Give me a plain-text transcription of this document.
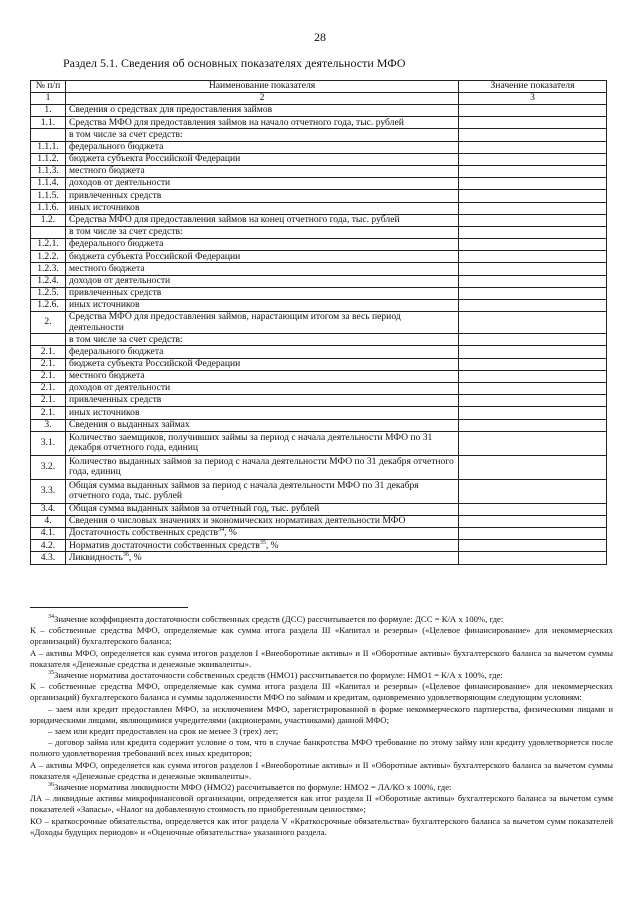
28
Раздел 5.1. Сведения об основных показателях деятельности МФО
№ п/п	Наименование показателя	Значение показателя
1	2	3
1.	Сведения о средствах для предоставления займов	
1.1.	Средства МФО для предоставления займов на начало отчетного года, тыс. рублей	
	в том числе за счет средств:	
1.1.1.	федерального бюджета	
1.1.2.	бюджета субъекта Российской Федерации	
1.1.3.	местного бюджета	
1.1.4.	доходов от деятельности	
1.1.5.	привлеченных средств	
1.1.6.	иных источников	
1.2.	Средства МФО для предоставления займов на конец отчетного года, тыс. рублей	
	в том числе за счет средств:	
1.2.1.	федерального бюджета	
1.2.2.	бюджета субъекта Российской Федерации	
1.2.3.	местного бюджета	
1.2.4.	доходов от деятельности	
1.2.5.	привлеченных средств	
1.2.6.	иных источников	
2.	Средства МФО для предоставления займов, нарастающим итогом за весь период деятельности	
	в том числе за счет средств:	
2.1.	федерального бюджета	
2.1.	бюджета субъекта Российской Федерации	
2.1.	местного бюджета	
2.1.	доходов от деятельности	
2.1.	привлеченных средств	
2.1.	иных источников	
3.	Сведения о выданных займах	
3.1.	Количество заемщиков, получивших займы за период с начала деятельности МФО по 31 декабря отчетного года, единиц	
3.2.	Количество выданных займов за период с начала деятельности МФО по 31 декабря отчетного года, единиц	
3.3.	Общая сумма выданных займов за период с начала деятельности МФО по 31 декабря отчетного года, тыс. рублей	
3.4.	Общая сумма выданных займов за отчетный год, тыс. рублей	
4.	Сведения о числовых значениях и экономических нормативах деятельности МФО	
4.1.	Достаточность собственных средств$^{34}$, %	
4.2.	Норматив достаточности собственных средств$^{35}$, %	
4.3.	Ликвидность$^{36}$, %	

$^{34}$Значение коэффициента достаточности собственных средств (ДСС) рассчитывается по формуле: ДСС = К/А х 100%, где:

К – собственные средства МФО, определяемые как сумма итога раздела III «Капитал и резервы» («Целевое финансирование» для некоммерческих организаций) бухгалтерского баланса;

А – активы МФО, определяется как сумма итогов разделов I «Внеоборотные активы» и II «Оборотные активы» бухгалтерского баланса за вычетом суммы показателя «Денежные средства и денежные эквиваленты».

$^{35}$Значение норматива достаточности собственных средств (НМО1) рассчитывается по формуле: НМО1 = К/А х 100%, где:

К – собственные средства МФО, определяемые как сумма итога раздела III «Капитал и резервы» («Целевое финансирование» для некоммерческих организаций) бухгалтерского баланса и суммы задолженности МФО по займам и кредитам, одновременно удовлетворяющим следующим условиям:

– заем или кредит предоставлен МФО, за исключением МФО, зарегистрированной в форме некоммерческого партнерства, физическими лицами и юридическими лицами, являющимися учредителями (акционерами, участниками) данной МФО;

– заем или кредит предоставлен на срок не менее 3 (трех) лет;

– договор займа или кредита содержит условие о том, что в случае банкротства МФО требование по этому займу или кредиту удовлетворяется после полного удовлетворения требований всех иных кредиторов;

А – активы МФО, определяется как сумма итогов разделов I «Внеоборотные активы» и II «Оборотные активы» бухгалтерского баланса за вычетом суммы показателя «Денежные средства и денежные эквиваленты».

$^{36}$Значение норматива ликвидности МФО (НМО2) рассчитывается по формуле: НМО2 = ЛА/КО х 100%, где:

ЛА – ликвидные активы микрофинансовой организации, определяется как итог раздела II «Оборотные активы» бухгалтерского баланса за вычетом сумм показателей «Запасы», «Налог на добавленную стоимость по приобретенным ценностям»;

КО – краткосрочные обязательства, определяется как итог раздела V «Краткосрочные обязательства» бухгалтерского баланса за вычетом сумм показателей «Доходы будущих периодов» и «Оценочные обязательства» указанного раздела.
